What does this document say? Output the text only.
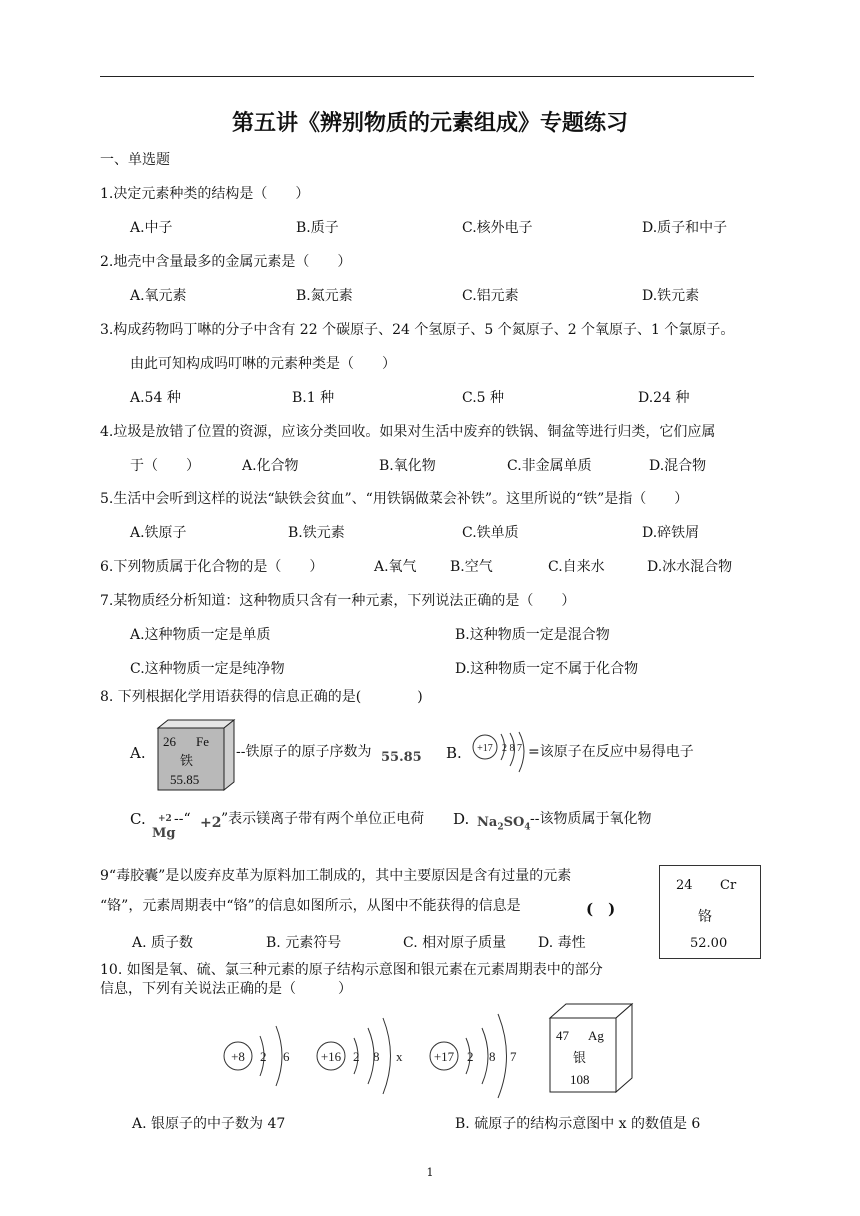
第五讲《辨别物质的元素组成》专题练习
一、单选题
1.决定元素种类的结构是（　　）
A.中子	B.质子	C.核外电子	D.质子和中子
2.地壳中含量最多的金属元素是（　　）
A.氧元素	B.氮元素	C.铝元素	D.铁元素
3.构成药物吗丁啉的分子中含有 22 个碳原子、24 个氢原子、5 个氮原子、2 个氧原子、1 个氯原子。
由此可知构成吗叮啉的元素种类是（　　）
A.54 种	B.1 种	C.5 种	D.24 种
4.垃圾是放错了位置的资源，应该分类回收。如果对生活中废弃的铁锅、铜盆等进行归类，它们应属
于（　　）	A.化合物	B.氧化物	C.非金属单质	D.混合物
5.生活中会听到这样的说法“缺铁会贫血”、“用铁锅做菜会补铁”。这里所说的“铁”是指（　　）
A.铁原子	B.铁元素	C.铁单质	D.碎铁屑
6.下列物质属于化合物的是（　　）	A.氧气 B.空气	C.自来水	D.冰水混合物
7.某物质经分析知道：这种物质只含有一种元素，下列说法正确的是（　　）
A.这种物质一定是单质	B.这种物质一定是混合物
C.这种物质一定是纯净物	D.这种物质一定不属于化合物
8. 下列根据化学用语获得的信息正确的是(　　　　)
A.
26 Fe
铁
55.85
--铁原子的原子序数为 55.85 B. +17 2 8 7 =该原子在反应中易得电子
C. +2
Mg
--“ +2 ”表示镁离子带有两个单位正电荷 D. $Na_2SO_4$
--该物质属于氧化物
9“毒胶囊”是以废弃皮革为原料加工制成的，其中主要原因是含有过量的元素
“铬”，元素周期表中“铬”的信息如图所示，从图中不能获得的信息是	(　)
A. 质子数	B. 元素符号	C. 相对原子质量 D. 毒性
24 Cr
铬
52.00
10. 如图是氧、硫、氯三种元素的原子结构示意图和银元素在元素周期表中的部分
信息，下列有关说法正确的是（　　　）
+8 2 6 +16 2 8 x +17 2 8 7
47 Ag
银
108
A. 银原子的中子数为 47	B. 硫原子的结构示意图中 x 的数值是 6
1
